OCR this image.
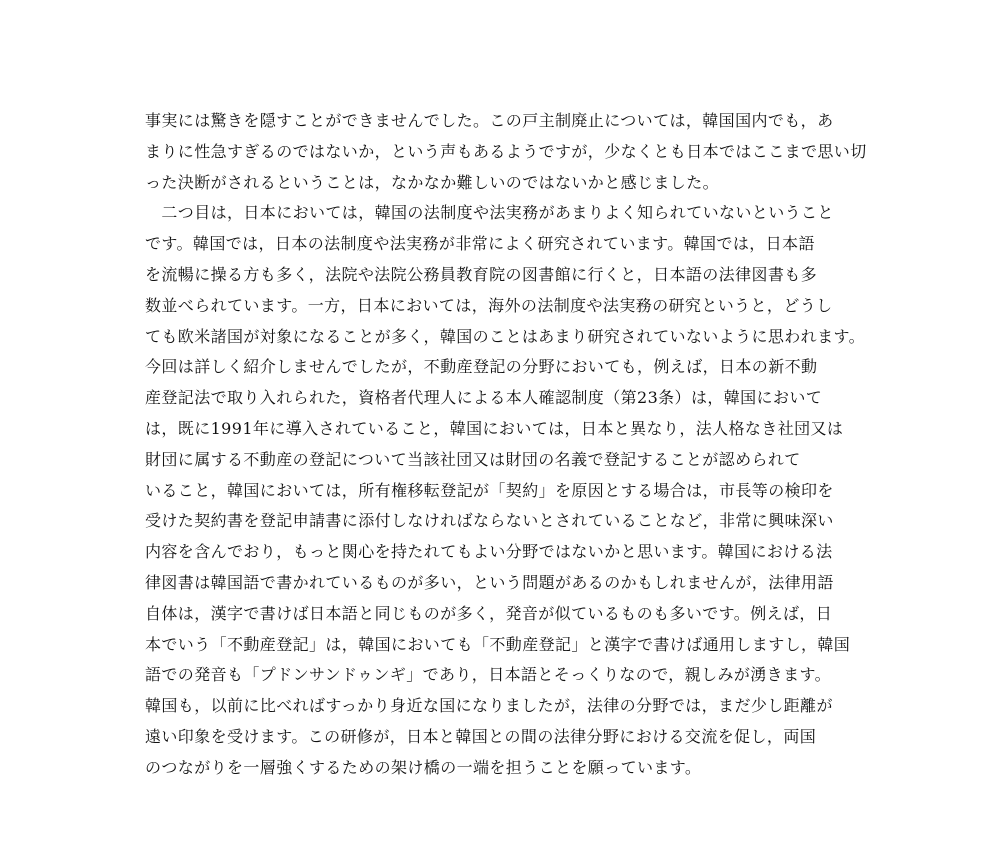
事実には驚きを隠すことができませんでした。この戸主制廃止については，韓国国内でも，あ
まりに性急すぎるのではないか，という声もあるようですが，少なくとも日本ではここまで思い切
った決断がされるということは，なかなか難しいのではないかと感じました。
　二つ目は，日本においては，韓国の法制度や法実務があまりよく知られていないということ
です。韓国では，日本の法制度や法実務が非常によく研究されています。韓国では，日本語
を流暢に操る方も多く，法院や法院公務員教育院の図書館に行くと，日本語の法律図書も多
数並べられています。一方，日本においては，海外の法制度や法実務の研究というと，どうし
ても欧米諸国が対象になることが多く，韓国のことはあまり研究されていないように思われます。
今回は詳しく紹介しませんでしたが，不動産登記の分野においても，例えば，日本の新不動
産登記法で取り入れられた，資格者代理人による本人確認制度（第23条）は，韓国において
は，既に1991年に導入されていること，韓国においては，日本と異なり，法人格なき社団又は
財団に属する不動産の登記について当該社団又は財団の名義で登記することが認められて
いること，韓国においては，所有権移転登記が「契約」を原因とする場合は，市長等の検印を
受けた契約書を登記申請書に添付しなければならないとされていることなど，非常に興味深い
内容を含んでおり，もっと関心を持たれてもよい分野ではないかと思います。韓国における法
律図書は韓国語で書かれているものが多い，という問題があるのかもしれませんが，法律用語
自体は，漢字で書けば日本語と同じものが多く，発音が似ているものも多いです。例えば，日
本でいう「不動産登記」は，韓国においても「不動産登記」と漢字で書けば通用しますし，韓国
語での発音も「プドンサンドゥンギ」であり，日本語とそっくりなので，親しみが湧きます。
韓国も，以前に比べればすっかり身近な国になりましたが，法律の分野では，まだ少し距離が
遠い印象を受けます。この研修が，日本と韓国との間の法律分野における交流を促し，両国
のつながりを一層強くするための架け橋の一端を担うことを願っています。
